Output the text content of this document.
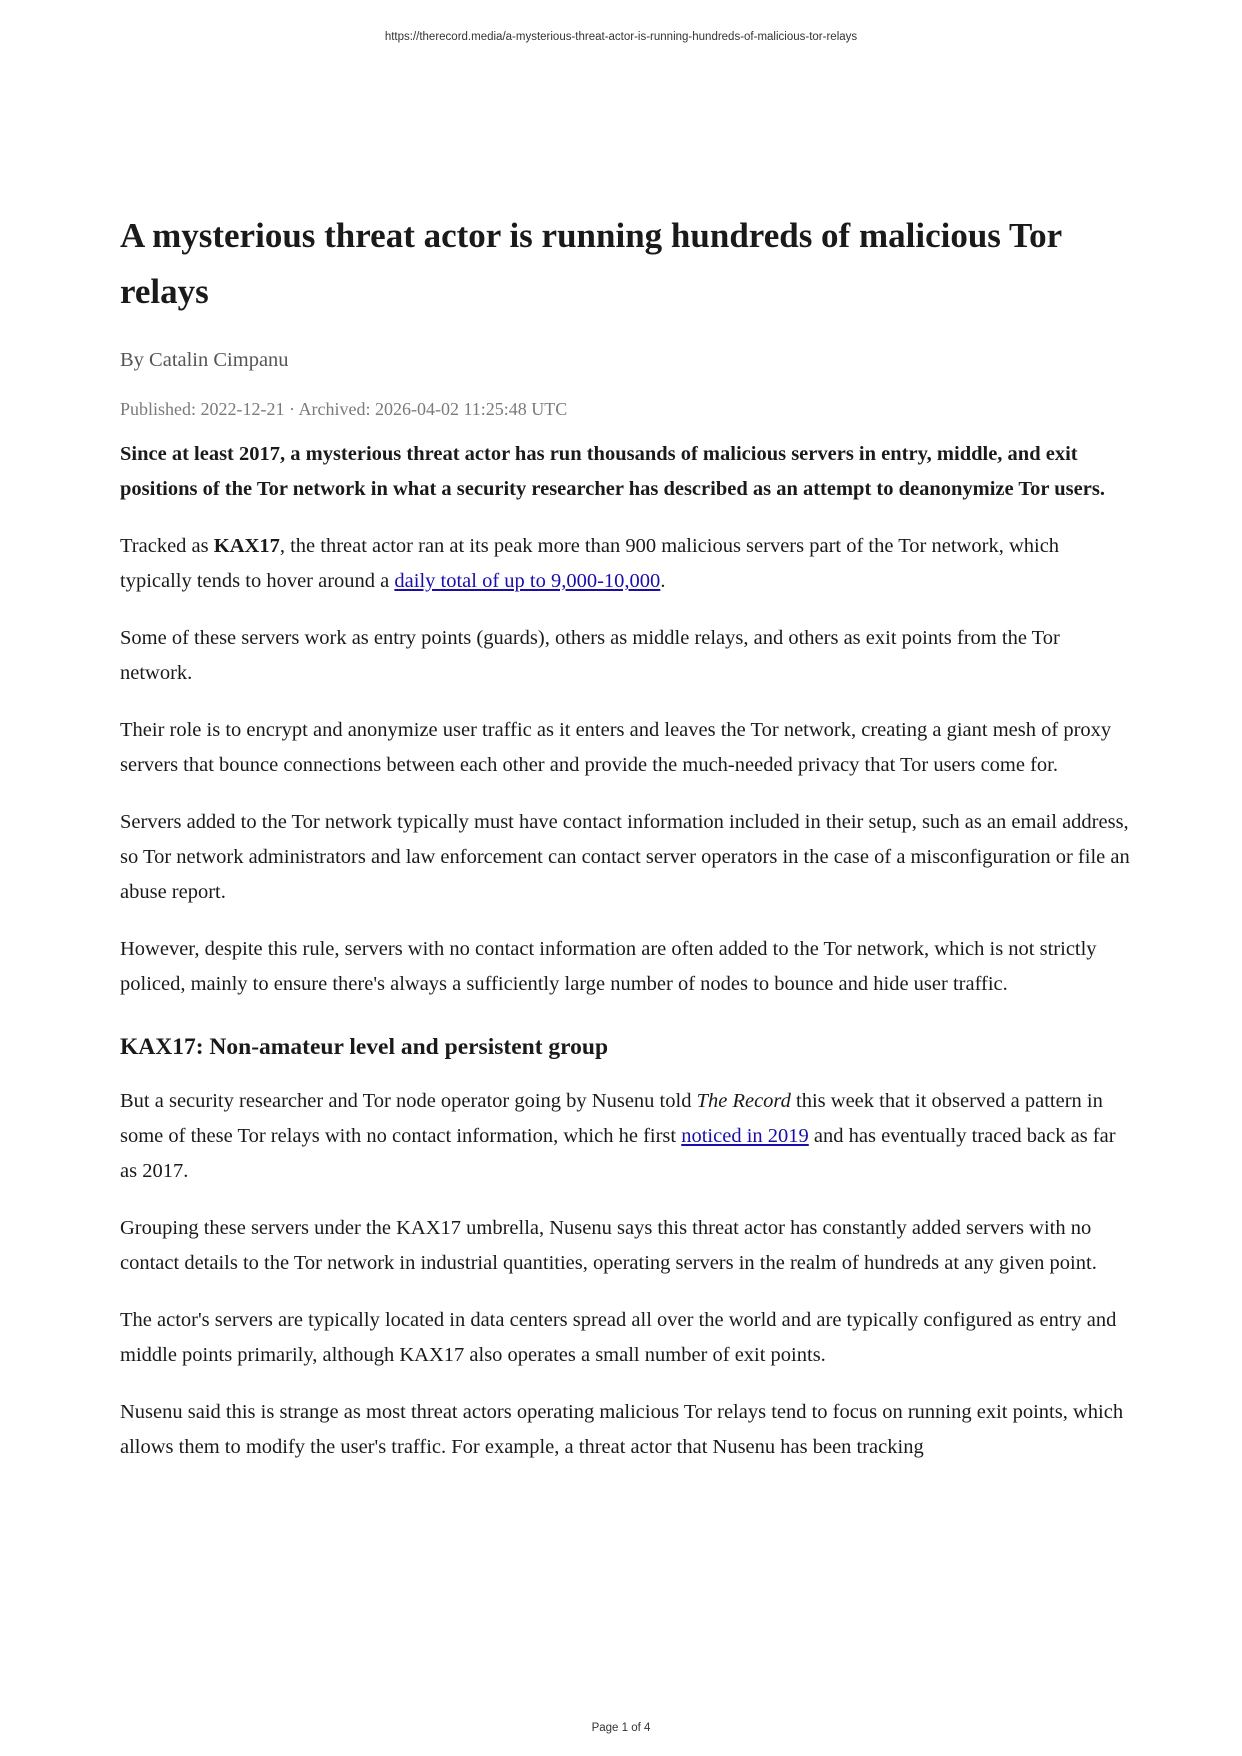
https://therecord.media/a-mysterious-threat-actor-is-running-hundreds-of-malicious-tor-relays
A mysterious threat actor is running hundreds of malicious Tor relays
By Catalin Cimpanu
Published: 2022-12-21 · Archived: 2026-04-02 11:25:48 UTC

Since at least 2017, a mysterious threat actor has run thousands of malicious servers in entry, middle, and exit positions of the Tor network in what a security researcher has described as an attempt to deanonymize Tor users.

Tracked as KAX17, the threat actor ran at its peak more than 900 malicious servers part of the Tor network, which typically tends to hover around a daily total of up to 9,000-10,000.

Some of these servers work as entry points (guards), others as middle relays, and others as exit points from the Tor network.

Their role is to encrypt and anonymize user traffic as it enters and leaves the Tor network, creating a giant mesh of proxy servers that bounce connections between each other and provide the much-needed privacy that Tor users come for.

Servers added to the Tor network typically must have contact information included in their setup, such as an email address, so Tor network administrators and law enforcement can contact server operators in the case of a misconfiguration or file an abuse report.

However, despite this rule, servers with no contact information are often added to the Tor network, which is not strictly policed, mainly to ensure there's always a sufficiently large number of nodes to bounce and hide user traffic.

KAX17: Non-amateur level and persistent group

But a security researcher and Tor node operator going by Nusenu told The Record this week that it observed a pattern in some of these Tor relays with no contact information, which he first noticed in 2019 and has eventually traced back as far as 2017.

Grouping these servers under the KAX17 umbrella, Nusenu says this threat actor has constantly added servers with no contact details to the Tor network in industrial quantities, operating servers in the realm of hundreds at any given point.

The actor's servers are typically located in data centers spread all over the world and are typically configured as entry and middle points primarily, although KAX17 also operates a small number of exit points.

Nusenu said this is strange as most threat actors operating malicious Tor relays tend to focus on running exit points, which allows them to modify the user's traffic. For example, a threat actor that Nusenu has been tracking

Page 1 of 4
